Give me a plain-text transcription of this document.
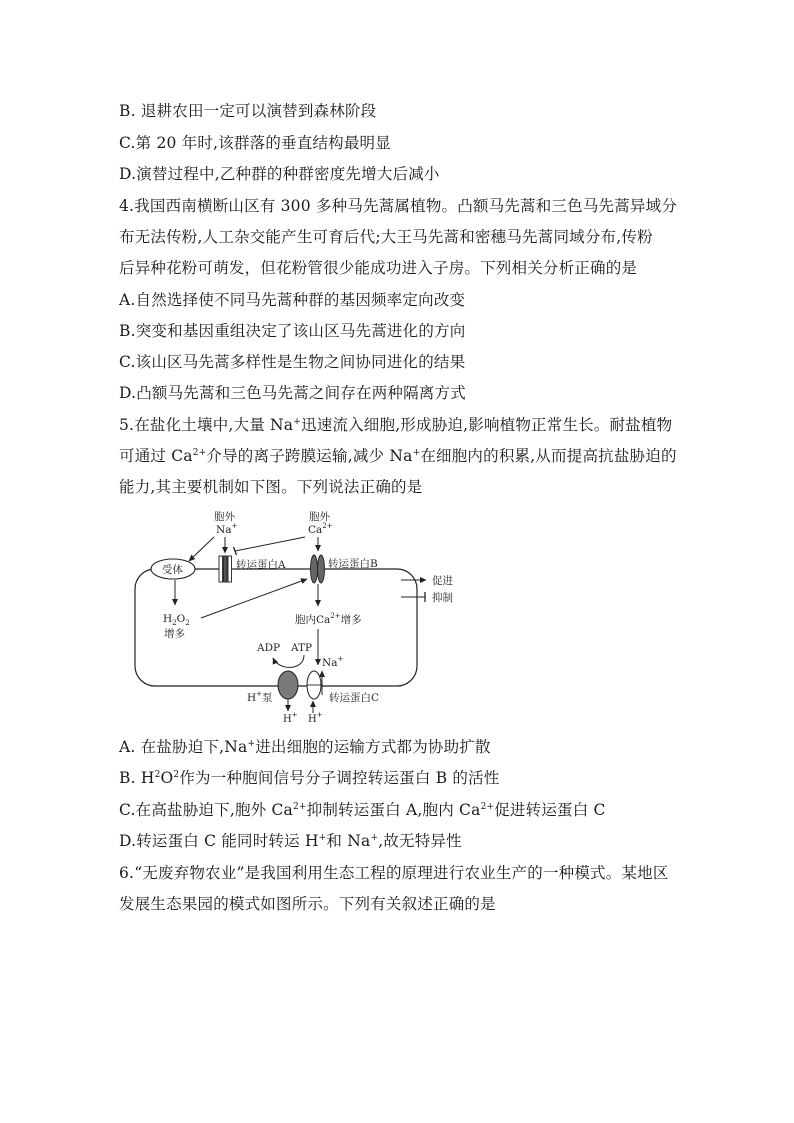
B. 退耕农田一定可以演替到森林阶段
C.第 20 年时,该群落的垂直结构最明显
D.演替过程中,乙种群的种群密度先增大后减小
4.我国西南横断山区有 300 多种马先蒿属植物。凸额马先蒿和三色马先蒿异域分
布无法传粉,人工杂交能产生可育后代;大王马先蒿和密穗马先蒿同域分布,传粉
后异种花粉可萌发，但花粉管很少能成功进入子房。下列相关分析正确的是
A.自然选择使不同马先蒿种群的基因频率定向改变
B.突变和基因重组决定了该山区马先蒿进化的方向
C.该山区马先蒿多样性是生物之间协同进化的结果
D.凸额马先蒿和三色马先蒿之间存在两种隔离方式
5.在盐化土壤中,大量 Na+迅速流入细胞,形成胁迫,影响植物正常生长。耐盐植物
可通过 $Ca^{2+}$介导的离子跨膜运输,减少 Na+在细胞内的积累,从而提高抗盐胁迫的
能力,其主要机制如下图。下列说法正确的是
胞外
Na+
胞外
$Ca^{2+}$
受体	转运蛋白A	转运蛋白B
促进
抑制
$H_2O_2$
增多
胞内$Ca^{2+}$增多
ADP ATP
Na+
H+泵
H+ H+
转运蛋白C
A. 在盐胁迫下,Na+进出细胞的运输方式都为协助扩散
B. $H^2O^2$作为一种胞间信号分子调控转运蛋白 B 的活性
C.在高盐胁迫下,胞外 $Ca^{2+}$抑制转运蛋白 A,胞内 $Ca^{2+}$促进转运蛋白 C
D.转运蛋白 C 能同时转运 H+和 Na+,故无特异性
6.“无废弃物农业”是我国利用生态工程的原理进行农业生产的一种模式。某地区
发展生态果园的模式如图所示。下列有关叙述正确的是
